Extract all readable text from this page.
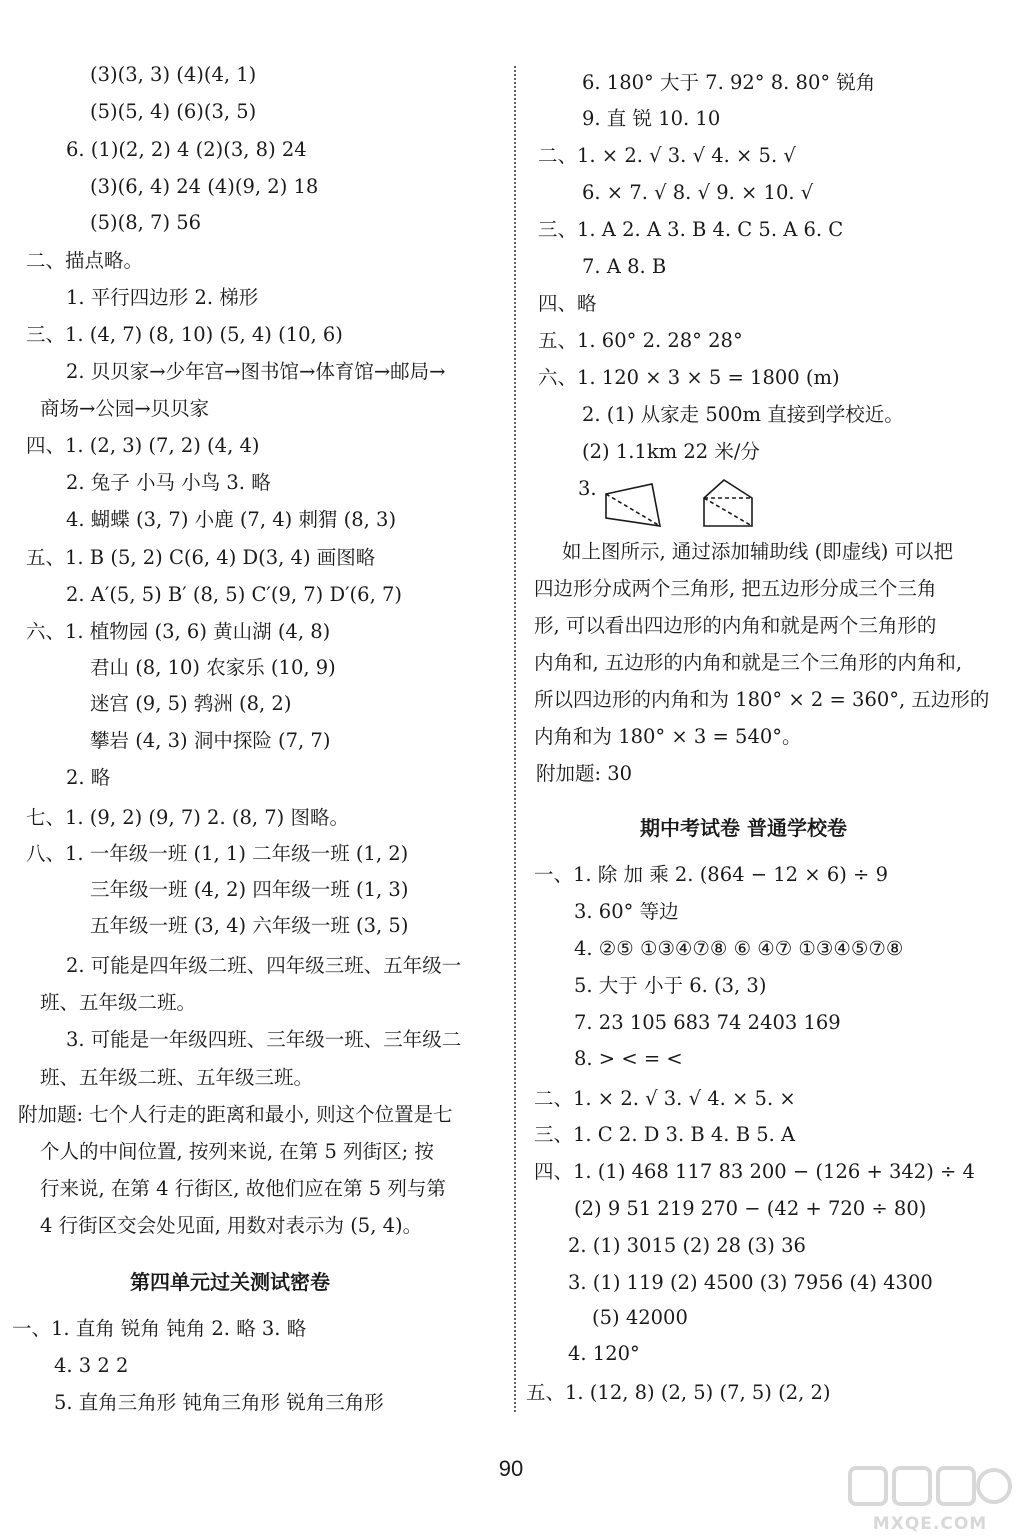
(3)(3, 3) (4)(4, 1)
(5)(5, 4) (6)(3, 5)
6. (1)(2, 2) 4 (2)(3, 8) 24
(3)(6, 4) 24 (4)(9, 2) 18
(5)(8, 7) 56
二、描点略。
1. 平行四边形 2. 梯形
三、1. (4, 7) (8, 10) (5, 4) (10, 6)
2. 贝贝家→少年宫→图书馆→体育馆→邮局→
商场→公园→贝贝家
四、1. (2, 3) (7, 2) (4, 4)
2. 兔子 小马 小鸟 3. 略
4. 蝴蝶 (3, 7) 小鹿 (7, 4) 刺猬 (8, 3)
五、1. B (5, 2) C(6, 4) D(3, 4) 画图略
2. A′(5, 5) B′ (8, 5) C′(9, 7) D′(6, 7)
六、1. 植物园 (3, 6) 黄山湖 (4, 8)
君山 (8, 10) 农家乐 (10, 9)
迷宫 (9, 5) 鹁洲 (8, 2)
攀岩 (4, 3) 洞中探险 (7, 7)
2. 略
七、1. (9, 2) (9, 7) 2. (8, 7) 图略。
八、1. 一年级一班 (1, 1) 二年级一班 (1, 2)
三年级一班 (4, 2) 四年级一班 (1, 3)
五年级一班 (3, 4) 六年级一班 (3, 5)
2. 可能是四年级二班、四年级三班、五年级一
班、五年级二班。
3. 可能是一年级四班、三年级一班、三年级二
班、五年级二班、五年级三班。
附加题: 七个人行走的距离和最小, 则这个位置是七
个人的中间位置, 按列来说, 在第 5 列街区; 按
行来说, 在第 4 行街区, 故他们应在第 5 列与第
4 行街区交会处见面, 用数对表示为 (5, 4)。
第四单元过关测试密卷
一、1. 直角 锐角 钝角 2. 略 3. 略
4. 3 2 2
5. 直角三角形 钝角三角形 锐角三角形
6. 180° 大于 7. 92° 8. 80° 锐角
9. 直 锐 10. 10
二、1. × 2. √ 3. √ 4. × 5. √
6. × 7. √ 8. √ 9. × 10. √
三、1. A 2. A 3. B 4. C 5. A 6. C
7. A 8. B
四、略
五、1. 60° 2. 28° 28°
六、1. 120 × 3 × 5 = 1800 (m)
2. (1) 从家走 500m 直接到学校近。
(2) 1.1km 22 米/分
3.
如上图所示, 通过添加辅助线 (即虚线) 可以把
四边形分成两个三角形, 把五边形分成三个三角
形, 可以看出四边形的内角和就是两个三角形的
内角和, 五边形的内角和就是三个三角形的内角和,
所以四边形的内角和为 180° × 2 = 360°, 五边形的
内角和为 180° × 3 = 540°。
附加题: 30
期中考试卷 普通学校卷
一、1. 除 加 乘 2. (864 − 12 × 6) ÷ 9
3. 60° 等边
4. ②⑤ ①③④⑦⑧ ⑥ ④⑦ ①③④⑤⑦⑧
5. 大于 小于 6. (3, 3)
7. 23 105 683 74 2403 169
8. > < = <
二、1. × 2. √ 3. √ 4. × 5. ×
三、1. C 2. D 3. B 4. B 5. A
四、1. (1) 468 117 83 200 − (126 + 342) ÷ 4
(2) 9 51 219 270 − (42 + 720 ÷ 80)
2. (1) 3015 (2) 28 (3) 36
3. (1) 119 (2) 4500 (3) 7956 (4) 4300
(5) 42000
4. 120°
五、1. (12, 8) (2, 5) (7, 5) (2, 2)
90
MXQE.COM
